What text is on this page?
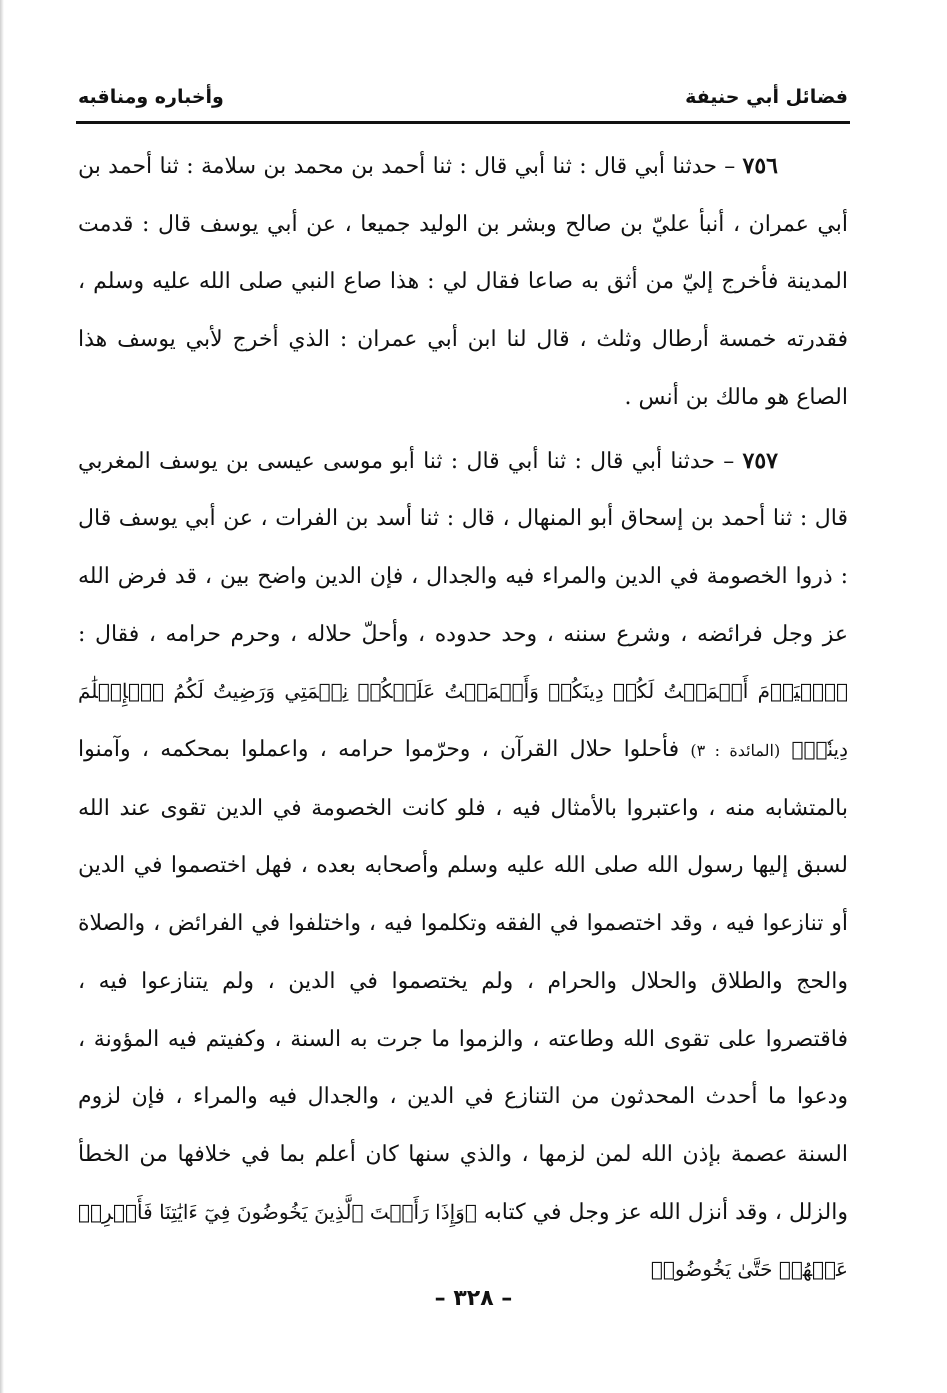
فضائل أبي حنيفة
وأخباره ومناقبه

٧٥٦ – حدثنا أبي قال : ثنا أبي قال : ثنا أحمد بن محمد بن سلامة : ثنا أحمد بن أبي عمران ، أنبأ عليّ بن صالح وبشر بن الوليد جميعا ، عن أبي يوسف قال : قدمت المدينة فأخرج إليّ من أثق به صاعا فقال لي : هذا صاع النبي صلى الله عليه وسلم ، فقدرته خمسة أرطال وثلث ، قال لنا ابن أبي عمران : الذي أخرج لأبي يوسف هذا الصاع هو مالك بن أنس .

٧٥٧ – حدثنا أبي قال : ثنا أبي قال : ثنا أبو موسى عيسى بن يوسف المغربي قال : ثنا أحمد بن إسحاق أبو المنهال ، قال : ثنا أسد بن الفرات ، عن أبي يوسف قال : ذروا الخصومة في الدين والمراء فيه والجدال ، فإن الدين واضح بين ، قد فرض الله عز وجل فرائضه ، وشرع سننه ، وحد حدوده ، وأحلّ حلاله ، وحرم حرامه ، فقال : ﴿ٱلۡيَوۡمَ أَكۡمَلۡتُ لَكُمۡ دِينَكُمۡ وَأَتۡمَمۡتُ عَلَيۡكُمۡ نِعۡمَتِي وَرَضِيتُ لَكُمُ ٱلۡإِسۡلَٰمَ دِينٗاۚ﴾ (المائدة : ٣) فأحلوا حلال القرآن ، وحرّموا حرامه ، واعملوا بمحكمه ، وآمنوا بالمتشابه منه ، واعتبروا بالأمثال فيه ، فلو كانت الخصومة في الدين تقوى عند الله لسبق إليها رسول الله صلى الله عليه وسلم وأصحابه بعده ، فهل اختصموا في الدين أو تنازعوا فيه ، وقد اختصموا في الفقه وتكلموا فيه ، واختلفوا في الفرائض ، والصلاة والحج والطلاق والحلال والحرام ، ولم يختصموا في الدين ، ولم يتنازعوا فيه ، فاقتصروا على تقوى الله وطاعته ، والزموا ما جرت به السنة ، وكفيتم فيه المؤونة ، ودعوا ما أحدث المحدثون من التنازع في الدين ، والجدال فيه والمراء ، فإن لزوم السنة عصمة بإذن الله لمن لزمها ، والذي سنها كان أعلم بما في خلافها من الخطأ والزلل ، وقد أنزل الله عز وجل في كتابه ﴿وَإِذَا رَأَيۡتَ ٱلَّذِينَ يَخُوضُونَ فِيٓ ءَايَٰتِنَا فَأَعۡرِضۡ عَنۡهُمۡ حَتَّىٰ يَخُوضُوا۟

– ٣٢٨ –
